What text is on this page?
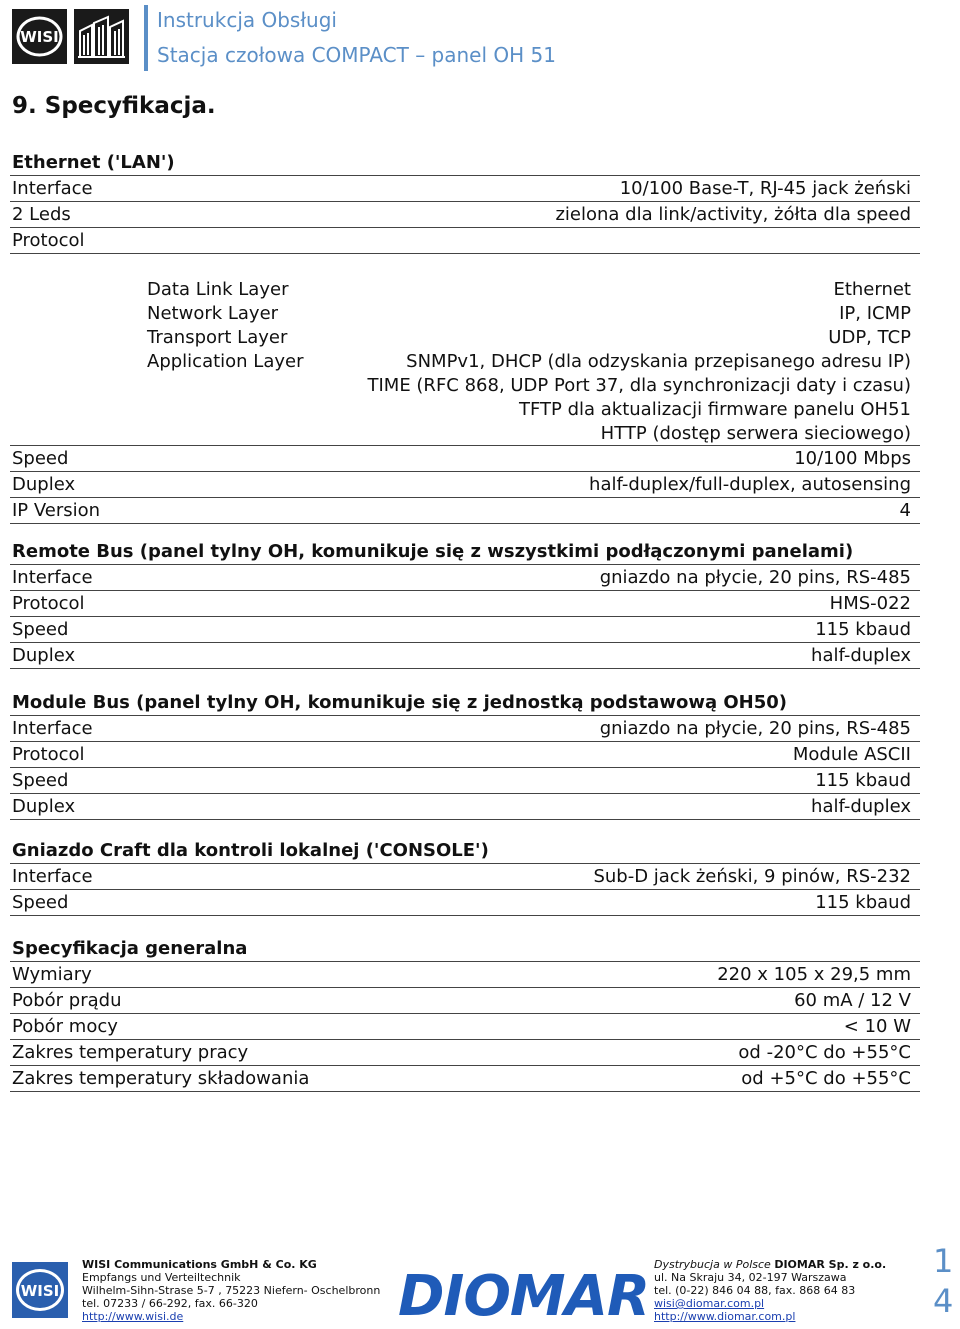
WISI
Instrukcja Obsługi
Stacja czołowa COMPACT – panel OH 51
9. Specyfikacja.
Ethernet ('LAN')
Interface	10/100 Base-T, RJ-45 jack żeński
2 Leds	zielona dla link/activity, żółta dla speed
Protocol
Data Link Layer	Ethernet
Network Layer	IP, ICMP
Transport Layer	UDP, TCP
Application Layer	SNMPv1, DHCP (dla odzyskania przepisanego adresu IP)
TIME (RFC 868, UDP Port 37, dla synchronizacji daty i czasu)
TFTP dla aktualizacji firmware panelu OH51
HTTP (dostęp serwera sieciowego)
Speed	10/100 Mbps
Duplex	half-duplex/full-duplex, autosensing
IP Version	4
Remote Bus (panel tylny OH, komunikuje się z wszystkimi podłączonymi panelami)
Interface	gniazdo na płycie, 20 pins, RS-485
Protocol	HMS-022
Speed	115 kbaud
Duplex	half-duplex
Module Bus (panel tylny OH, komunikuje się z jednostką podstawową OH50)
Interface	gniazdo na płycie, 20 pins, RS-485
Protocol	Module ASCII
Speed	115 kbaud
Duplex	half-duplex
Gniazdo Craft dla kontroli lokalnej ('CONSOLE')
Interface	Sub-D jack żeński, 9 pinów, RS-232
Speed	115 kbaud
Specyfikacja generalna
Wymiary	220 x 105 x 29,5 mm
Pobór prądu	60 mA / 12 V
Pobór mocy	< 10 W
Zakres temperatury pracy	od -20°C do +55°C
Zakres temperatury składowania	od +5°C do +55°C
WISI
WISI Communications GmbH & Co. KG
Empfangs und Verteiltechnik
Wilhelm-Sihn-Strase 5-7 , 75223 Niefern- Oschelbronn
tel. 07233 / 66-292, fax. 66-320
http://www.wisi.de	DIOMAR Dystrybucja w Polsce DIOMAR Sp. z o.o.
ul. Na Skraju 34, 02-197 Warszawa
tel. (0-22) 846 04 88, fax. 868 64 83
wisi@diomar.com.pl
http://www.diomar.com.pl
1
4
